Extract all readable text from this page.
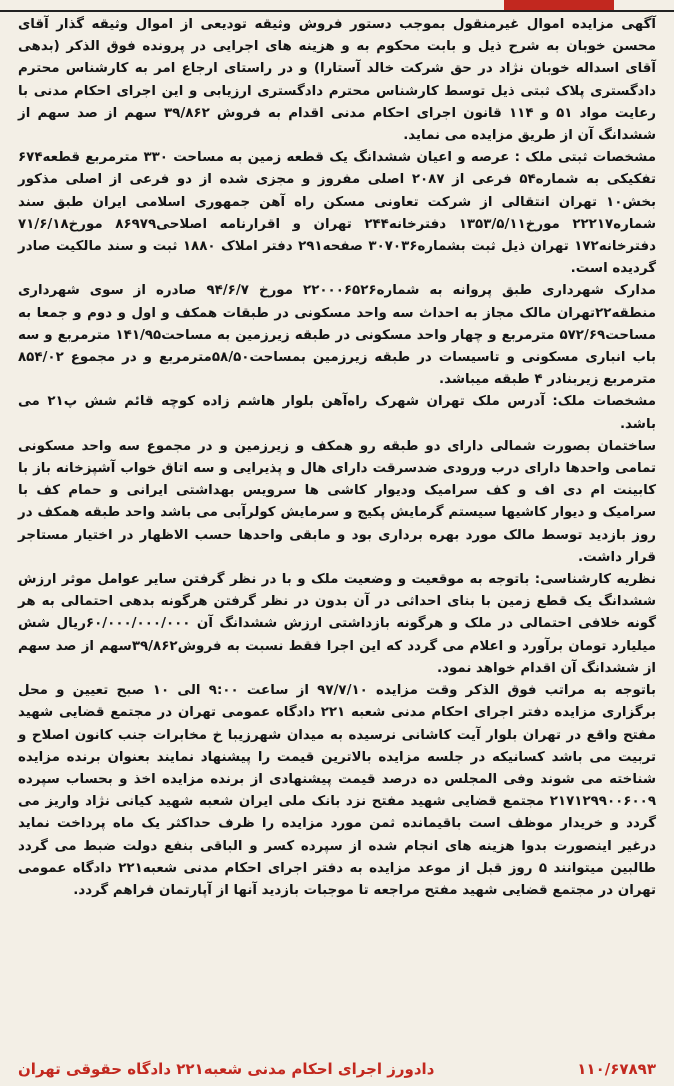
آگهی مزایده اموال غیرمنقول بموجب دستور فروش وثیقه تودیعی از اموال وثیقه گذار آقای محسن خوبان به شرح ذیل و بابت محکوم به و هزینه های اجرایی در پرونده فوق الذکر (بدهی آقای اسداله خوبان نژاد در حق شرکت خالد آستارا) و در راستای ارجاع امر به کارشناس محترم دادگستری پلاک ثبتی ذیل توسط کارشناس محترم دادگستری ارزیابی و این اجرای احکام مدنی با رعایت مواد ۵۱ و ۱۱۴ قانون اجرای احکام مدنی اقدام به فروش ۳۹/۸۶۲ سهم از صد سهم از ششدانگ آن از طریق مزایده می نماید.

مشخصات ثبتی ملک : عرصه و اعیان ششدانگ یک قطعه زمین به مساحت ۳۳۰ مترمربع قطعه۶۷۴ تفکیکی به شماره۵۴ فرعی از ۲۰۸۷ اصلی مفروز و مجزی شده از دو فرعی از اصلی مذکور بخش۱۰ تهران انتقالی از شرکت تعاونی مسکن راه آهن جمهوری اسلامی ایران طبق سند شماره۲۲۲۱۷ مورخ۱۳۵۳/۵/۱۱ دفترخانه۲۴۴ تهران و اقرارنامه اصلاحی۸۶۹۷۹ مورخ۷۱/۶/۱۸ دفترخانه۱۷۲ تهران ذیل ثبت بشماره۳۰۷۰۳۶ صفحه۲۹۱ دفتر املاک ۱۸۸۰ ثبت و سند مالکیت صادر گردیده است.

مدارک شهرداری طبق پروانه به شماره۲۲۰۰۰۶۵۲۶ مورخ ۹۴/۶/۷ صادره از سوی شهرداری منطقه۲۲تهران مالک مجاز به احداث سه واحد مسکونی در طبقات همکف و اول و دوم و جمعا به مساحت۵۷۲/۶۹ مترمربع و چهار واحد مسکونی در طبقه زیرزمین به مساحت۱۴۱/۹۵ مترمربع و سه باب انباری مسکونی و تاسیسات در طبقه زیرزمین بمساحت۵۸/۵۰مترمربع و در مجموع ۸۵۴/۰۲ مترمربع زیربنادر ۴ طبقه میباشد.

مشخصات ملک: آدرس ملک تهران شهرک راه‌آهن بلوار هاشم زاده کوچه قائم شش پ۲۱ می باشد.

ساختمان بصورت شمالی دارای دو طبقه رو همکف و زیرزمین و در مجموع سه واحد مسکونی تمامی واحدها دارای درب ورودی ضدسرقت دارای هال و پذیرایی و سه اتاق خواب آشپزخانه باز با کابینت ام دی اف و کف سرامیک ودیوار کاشی ها سرویس بهداشتی ایرانی و حمام کف با سرامیک و دیوار کاشیها سیستم گرمایش پکیج و سرمایش کولرآبی می باشد واحد طبقه همکف در روز بازدید توسط مالک مورد بهره برداری بود و مابقی واحدها حسب الاظهار در اختیار مستاجر قرار داشت.

نظریه کارشناسی: باتوجه به موقعیت و وضعیت ملک و با در نظر گرفتن سایر عوامل موثر ارزش ششدانگ یک قطع زمین با بنای احداثی در آن بدون در نظر گرفتن هرگونه بدهی احتمالی به هر گونه خلافی احتمالی در ملک و هرگونه بازداشتی ارزش ششدانگ آن ۶۰/۰۰۰/۰۰۰/۰۰۰ریال شش میلیارد تومان برآورد و اعلام می گردد که این اجرا فقط نسبت به فروش۳۹/۸۶۲سهم از صد سهم از ششدانگ آن اقدام خواهد نمود.

باتوجه به مراتب فوق الذکر وقت مزایده ۹۷/۷/۱۰ از ساعت ۹:۰۰ الی ۱۰ صبح تعیین و محل برگزاری مزایده دفتر اجرای احکام مدنی شعبه ۲۲۱ دادگاه عمومی تهران در مجتمع قضایی شهید مفتح واقع در تهران بلوار آیت کاشانی نرسیده به میدان شهرزیبا خ مخابرات جنب کانون اصلاح و تربیت می باشد کسانیکه در جلسه مزایده بالاترین قیمت را پیشنهاد نمایند بعنوان برنده مزایده شناخته می شوند وفی المجلس ده درصد قیمت پیشنهادی از برنده مزایده اخذ و بحساب سپرده ۲۱۷۱۲۹۹۰۰۶۰۰۹ مجتمع قضایی شهید مفتح نزد بانک ملی ایران شعبه شهید کیانی نژاد واریز می گردد و خریدار موظف است باقیمانده ثمن مورد مزایده را ظرف حداکثر یک ماه پرداخت نماید درغیر اینصورت بدوا هزینه های انجام شده از سپرده کسر و الباقی بنفع دولت ضبط می گردد طالبین میتوانند ۵ روز قبل از موعد مزایده به دفتر اجرای احکام مدنی شعبه۲۲۱ دادگاه عمومی تهران در مجتمع قضایی شهید مفتح مراجعه تا موجبات بازدید آنها از آپارتمان فراهم گردد.

دادورز اجرای احکام مدنی شعبه۲۲۱ دادگاه حقوقی تهران	۱۱۰/۶۷۸۹۳
